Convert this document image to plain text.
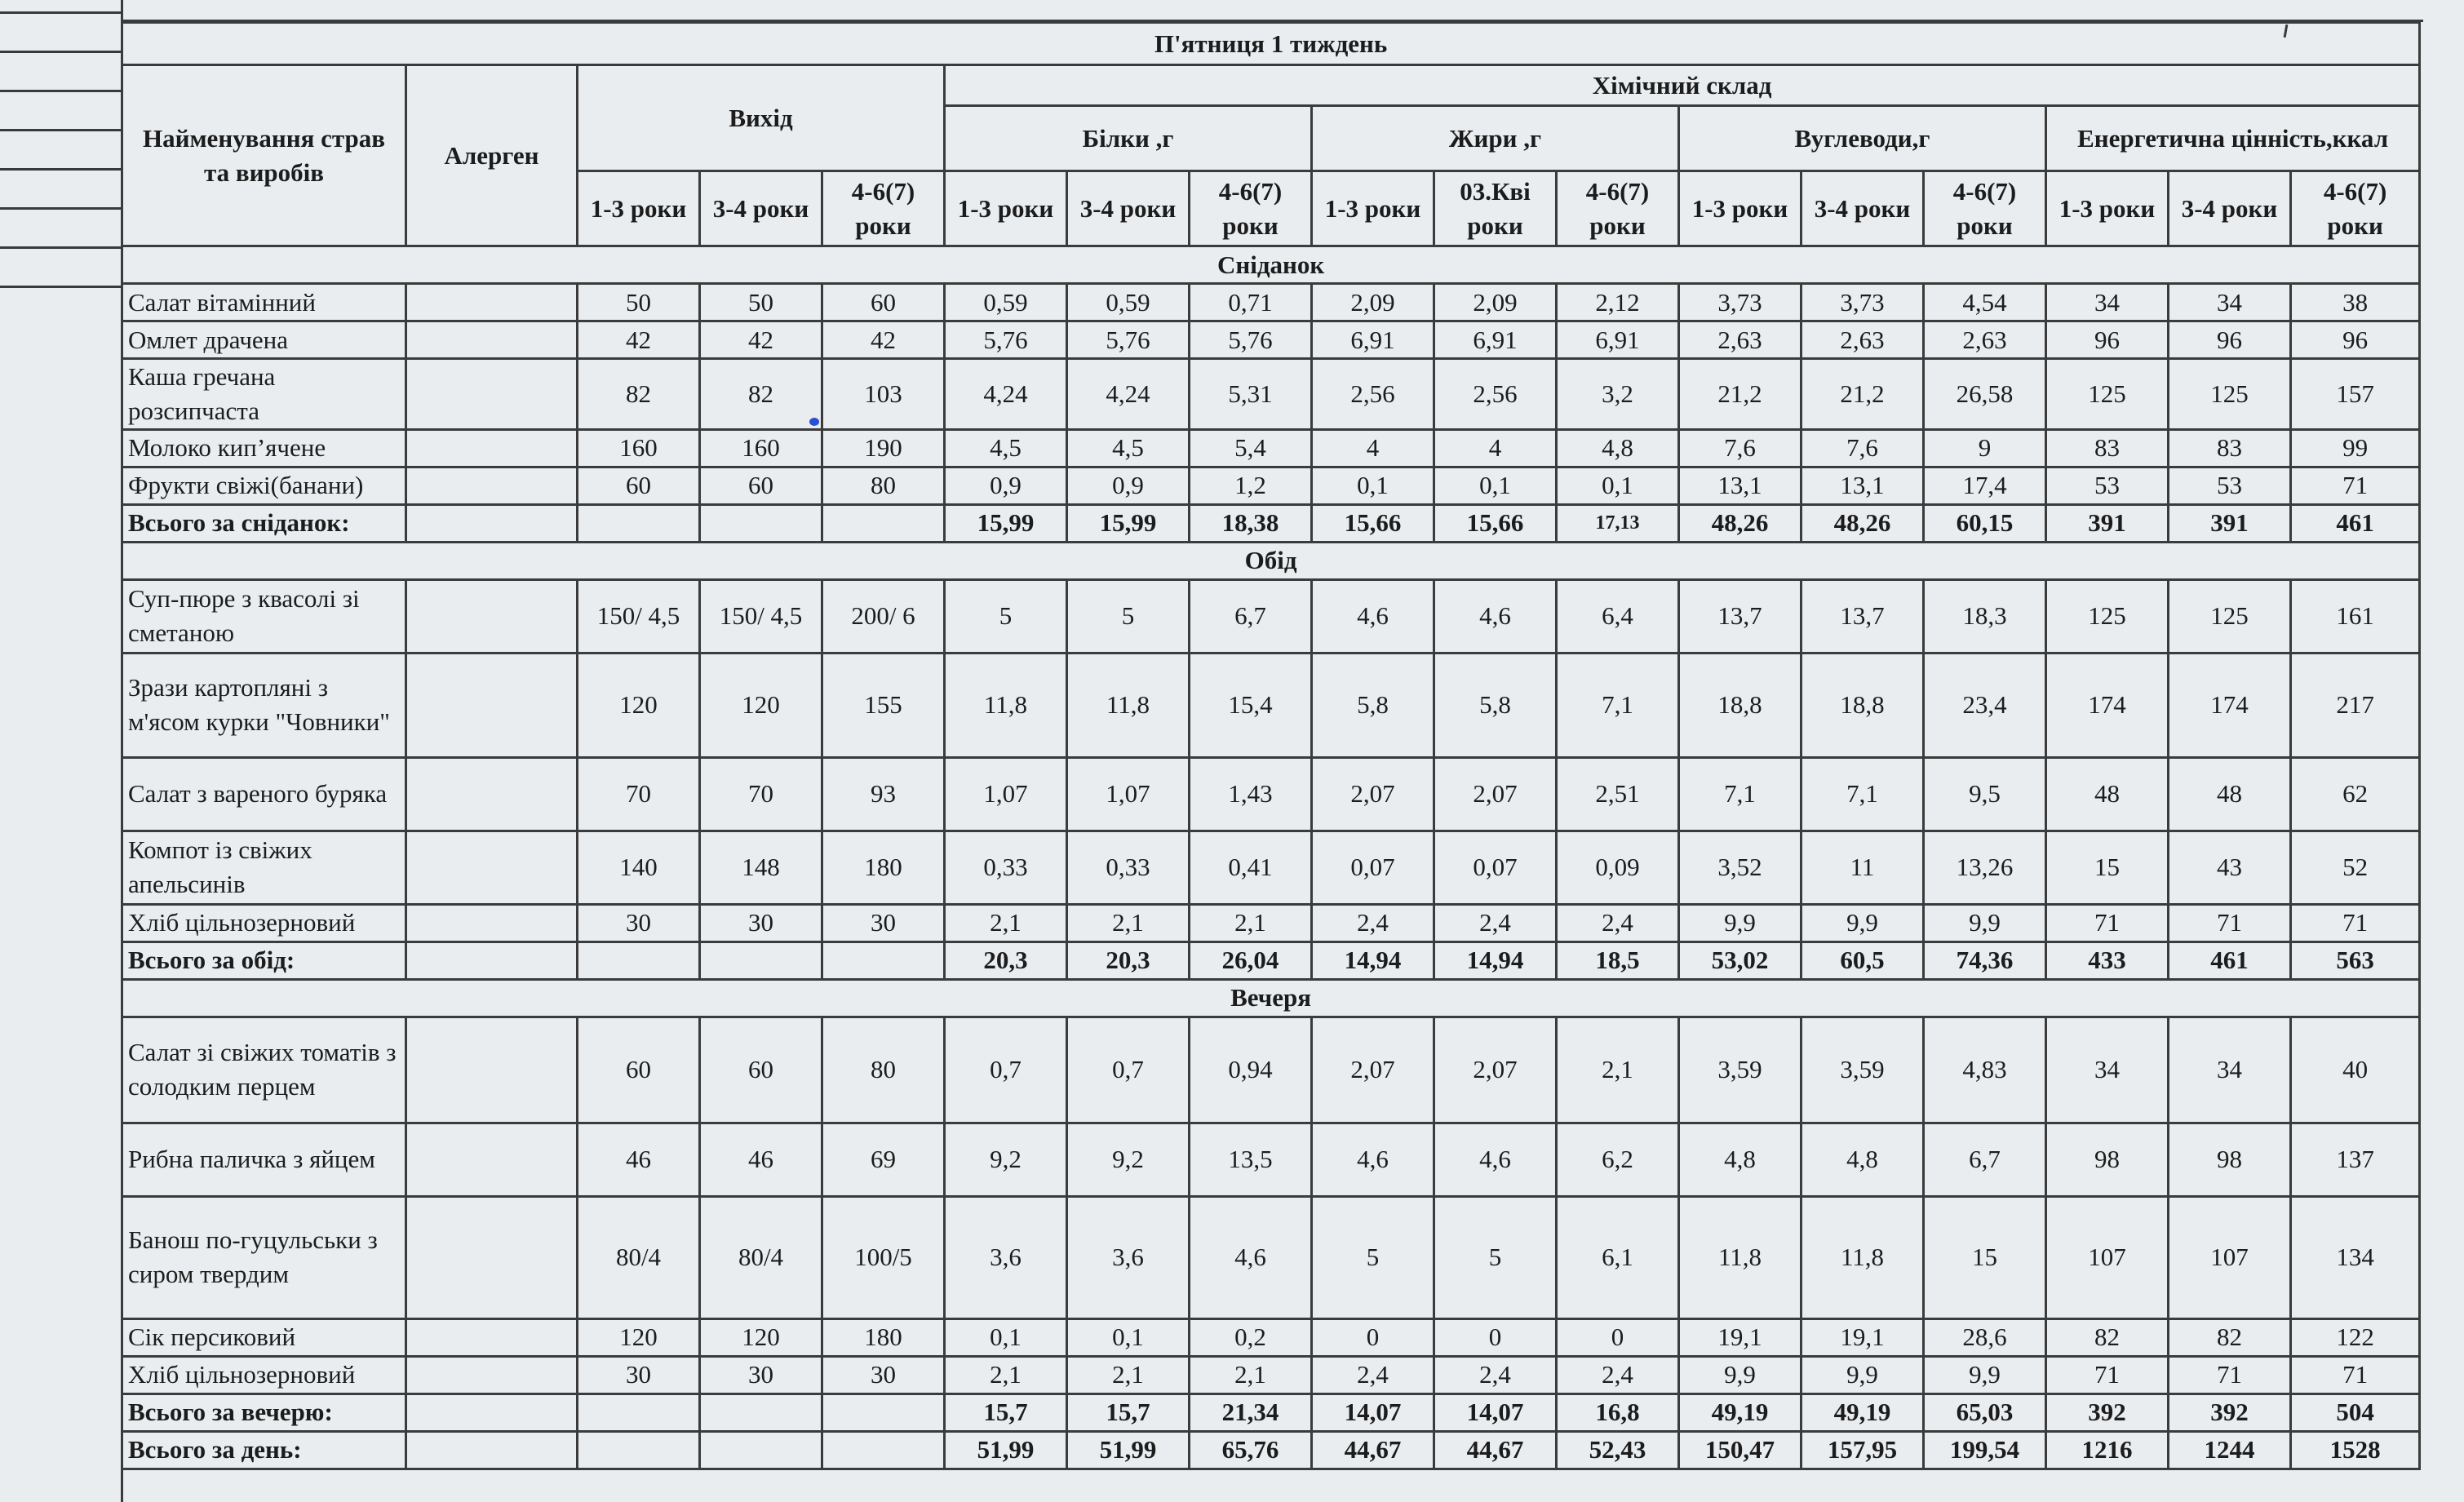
П'ятниця 1 тиждень																
Найменування страв та виробів	Алерген	Вихід			Хімічний склад											
					Білки ,г			Жири ,г			Вуглеводи,г			Енергетична цінність,ккал		
		1-3 роки	3-4 роки	4-6(7) роки	1-3 роки	3-4 роки	4-6(7) роки	1-3 роки	03.Кві роки	4-6(7) роки	1-3 роки	3-4 роки	4-6(7) роки	1-3 роки	3-4 роки	4-6(7) роки
Сніданок																
Салат вітамінний		50	50	60	0,59	0,59	0,71	2,09	2,09	2,12	3,73	3,73	4,54	34	34	38
Омлет драчена		42	42	42	5,76	5,76	5,76	6,91	6,91	6,91	2,63	2,63	2,63	96	96	96
Каша гречана розсипчаста		82	82	103	4,24	4,24	5,31	2,56	2,56	3,2	21,2	21,2	26,58	125	125	157
Молоко кип’ячене		160	160	190	4,5	4,5	5,4	4	4	4,8	7,6	7,6	9	83	83	99
Фрукти свіжі(банани)		60	60	80	0,9	0,9	1,2	0,1	0,1	0,1	13,1	13,1	17,4	53	53	71
Всього за сніданок:					15,99	15,99	18,38	15,66	15,66	17,13	48,26	48,26	60,15	391	391	461
Обід																
Суп-пюре з квасолі зі сметаною		150/ 4,5	150/ 4,5	200/ 6	5	5	6,7	4,6	4,6	6,4	13,7	13,7	18,3	125	125	161
Зрази картопляні з м'ясом курки "Човники"		120	120	155	11,8	11,8	15,4	5,8	5,8	7,1	18,8	18,8	23,4	174	174	217
Салат з вареного буряка		70	70	93	1,07	1,07	1,43	2,07	2,07	2,51	7,1	7,1	9,5	48	48	62
Компот із свіжих апельсинів		140	148	180	0,33	0,33	0,41	0,07	0,07	0,09	3,52	11	13,26	15	43	52
Хліб цільнозерновий		30	30	30	2,1	2,1	2,1	2,4	2,4	2,4	9,9	9,9	9,9	71	71	71
Всього за обід:					20,3	20,3	26,04	14,94	14,94	18,5	53,02	60,5	74,36	433	461	563
Вечеря																
Салат зі свіжих томатів з солодким перцем		60	60	80	0,7	0,7	0,94	2,07	2,07	2,1	3,59	3,59	4,83	34	34	40
Рибна паличка з яйцем		46	46	69	9,2	9,2	13,5	4,6	4,6	6,2	4,8	4,8	6,7	98	98	137
Банош по-гуцульськи з сиром твердим		80/4	80/4	100/5	3,6	3,6	4,6	5	5	6,1	11,8	11,8	15	107	107	134
Сік персиковий		120	120	180	0,1	0,1	0,2	0	0	0	19,1	19,1	28,6	82	82	122
Хліб цільнозерновий		30	30	30	2,1	2,1	2,1	2,4	2,4	2,4	9,9	9,9	9,9	71	71	71
Всього за вечерю:					15,7	15,7	21,34	14,07	14,07	16,8	49,19	49,19	65,03	392	392	504
Всього за день:					51,99	51,99	65,76	44,67	44,67	52,43	150,47	157,95	199,54	1216	1244	1528
